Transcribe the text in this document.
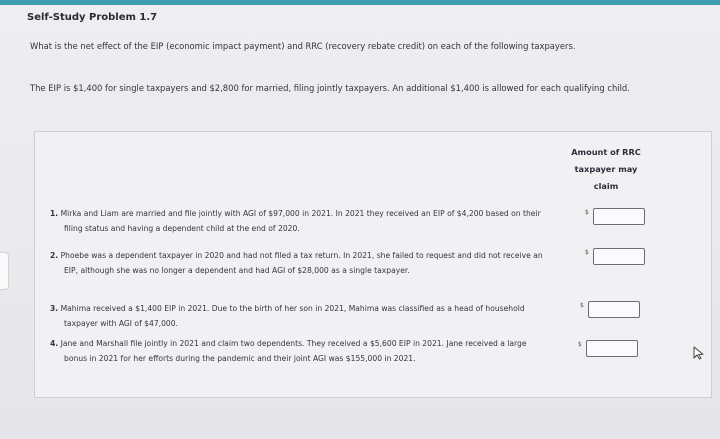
Self-Study Problem 1.7
What is the net effect of the EIP (economic impact payment) and RRC (recovery rebate credit) on each of the following taxpayers.
The EIP is $1,400 for single taxpayers and $2,800 for married, filing jointly taxpayers. An additional $1,400 is allowed for each qualifying child.
Amount of RRC
taxpayer may
claim
1. Mirka and Liam are married and file jointly with AGI of $97,000 in 2021. In 2021 they received an EIP of $4,200 based on their filing status and having a dependent child at the end of 2020.
$
2. Phoebe was a dependent taxpayer in 2020 and had not filed a tax return. In 2021, she failed to request and did not receive an EIP, although she was no longer a dependent and had AGI of $28,000 as a single taxpayer.
$
3. Mahima received a $1,400 EIP in 2021. Due to the birth of her son in 2021, Mahima was classified as a head of household taxpayer with AGI of $47,000.
$
4. Jane and Marshall file jointly in 2021 and claim two dependents. They received a $5,600 EIP in 2021. Jane received a large bonus in 2021 for her efforts during the pandemic and their joint AGI was $155,000 in 2021.
$
